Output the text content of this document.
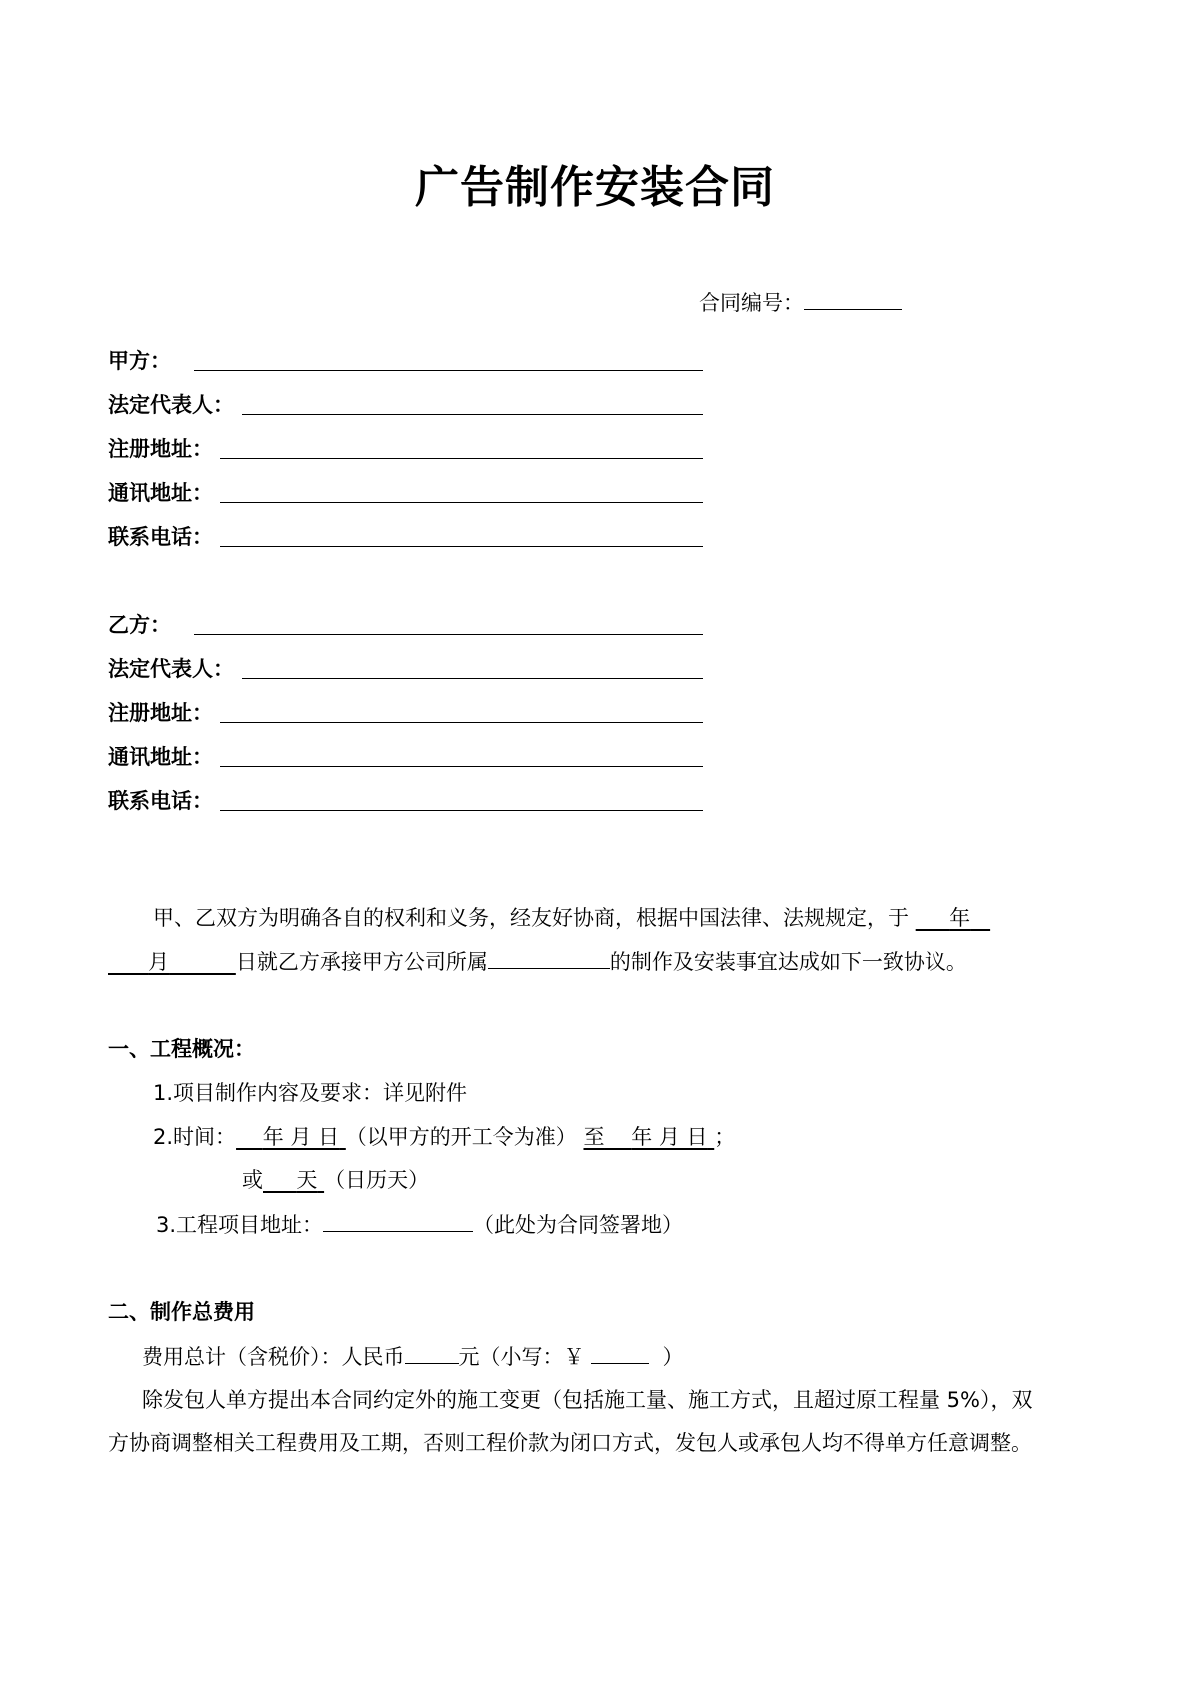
广告制作安装合同
合同编号：
甲方：
法定代表人：
注册地址：
通讯地址：
联系电话：
乙方：
法定代表人：
注册地址：
通讯地址：
联系电话：
甲、乙双方为明确各自的权利和义务，经友好协商，根据中国法律、法规规定，于 年
月	日就乙方承接甲方公司所属	的制作及安装事宜达成如下一致协议。
一、工程概况：
1.项目制作内容及要求：详见附件
2.时间： 年 月 日 （以甲方的开工令为准） 至 年 月 日 ；
或 天 （日历天）
3.工程项目地址：	（此处为合同签署地）
二、制作总费用
费用总计（含税价）：人民币	元（小写：￥	）
除发包人单方提出本合同约定外的施工变更（包括施工量、施工方式，且超过原工程量 5%），双
方协商调整相关工程费用及工期，否则工程价款为闭口方式，发包人或承包人均不得单方任意调整。
